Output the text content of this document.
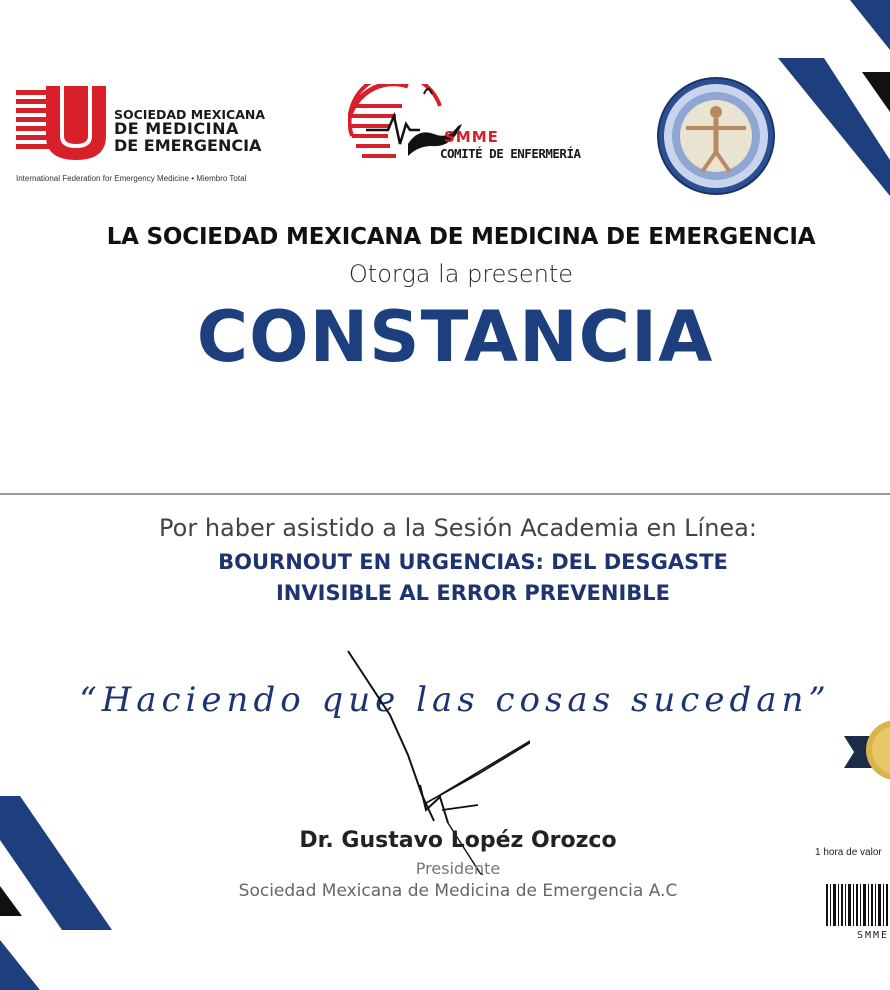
SOCIEDAD MEXICANA
DE MEDICINA
DE EMERGENCIA
International Federation for Emergency Medicine • Miembro Total
SMME
COMITÉ DE ENFERMERÍA
LA SOCIEDAD MEXICANA DE MEDICINA DE EMERGENCIA
Otorga la presente
CONSTANCIA
Por haber asistido a la Sesión Academia en Línea:
BOURNOUT EN URGENCIAS: DEL DESGASTE
INVISIBLE AL ERROR PREVENIBLE
“Haciendo que las cosas sucedan”
Dr. Gustavo Lopéz Orozco
Presidente
Sociedad Mexicana de Medicina de Emergencia A.C
1 hora de valor
SMME
